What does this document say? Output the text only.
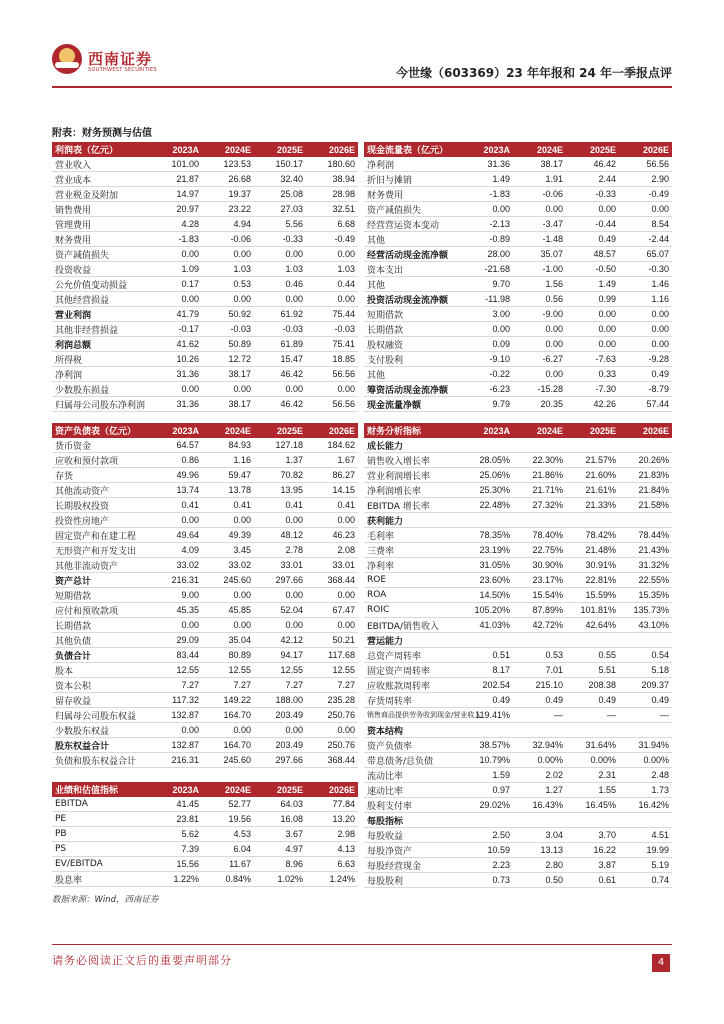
西南证券
SOUTHWEST SECURITIES	今世缘（603369）23 年年报和 24 年一季报点评
附表：财务预测与估值
利润表（亿元）	2023A	2024E	2025E	2026E
营业收入	101.00	123.53	150.17	180.60
营业成本	21.87	26.68	32.40	38.94
营业税金及附加	14.97	19.37	25.08	28.98
销售费用	20.97	23.22	27.03	32.51
管理费用	4.28	4.94	5.56	6.68
财务费用	-1.83	-0.06	-0.33	-0.49
资产减值损失	0.00	0.00	0.00	0.00
投资收益	1.09	1.03	1.03	1.03
公允价值变动损益	0.17	0.53	0.46	0.44
其他经营损益	0.00	0.00	0.00	0.00
营业利润	41.79	50.92	61.92	75.44
其他非经营损益	-0.17	-0.03	-0.03	-0.03
利润总额	41.62	50.89	61.89	75.41
所得税	10.26	12.72	15.47	18.85
净利润	31.36	38.17	46.42	56.56
少数股东损益	0.00	0.00	0.00	0.00
归属母公司股东净利润	31.36	38.17	46.42	56.56
现金流量表（亿元）	2023A	2024E	2025E	2026E
净利润	31.36	38.17	46.42	56.56
折旧与摊销	1.49	1.91	2.44	2.90
财务费用	-1.83	-0.06	-0.33	-0.49
资产减值损失	0.00	0.00	0.00	0.00
经营营运资本变动	-2.13	-3.47	-0.44	8.54
其他	-0.89	-1.48	0.49	-2.44
经营活动现金流净额	28.00	35.07	48.57	65.07
资本支出	-21.68	-1.00	-0.50	-0.30
其他	9.70	1.56	1.49	1.46
投资活动现金流净额	-11.98	0.56	0.99	1.16
短期借款	3.00	-9.00	0.00	0.00
长期借款	0.00	0.00	0.00	0.00
股权融资	0.09	0.00	0.00	0.00
支付股利	-9.10	-6.27	-7.63	-9.28
其他	-0.22	0.00	0.33	0.49
筹资活动现金流净额	-6.23	-15.28	-7.30	-8.79
现金流量净额	9.79	20.35	42.26	57.44
资产负债表（亿元）	2023A	2024E	2025E	2026E
货币资金	64.57	84.93	127.18	184.62
应收和预付款项	0.86	1.16	1.37	1.67
存货	49.96	59.47	70.82	86.27
其他流动资产	13.74	13.78	13.95	14.15
长期股权投资	0.41	0.41	0.41	0.41
投资性房地产	0.00	0.00	0.00	0.00
固定资产和在建工程	49.64	49.39	48.12	46.23
无形资产和开发支出	4.09	3.45	2.78	2.08
其他非流动资产	33.02	33.02	33.01	33.01
资产总计	216.31	245.60	297.66	368.44
短期借款	9.00	0.00	0.00	0.00
应付和预收款项	45.35	45.85	52.04	67.47
长期借款	0.00	0.00	0.00	0.00
其他负债	29.09	35.04	42.12	50.21
负债合计	83.44	80.89	94.17	117.68
股本	12.55	12.55	12.55	12.55
资本公积	7.27	7.27	7.27	7.27
留存收益	117.32	149.22	188.00	235.28
归属母公司股东权益	132.87	164.70	203.49	250.76
少数股东权益	0.00	0.00	0.00	0.00
股东权益合计	132.87	164.70	203.49	250.76
负债和股东权益合计	216.31	245.60	297.66	368.44
财务分析指标	2023A	2024E	2025E	2026E
成长能力				
销售收入增长率	28.05%	22.30%	21.57%	20.26%
营业利润增长率	25.06%	21.86%	21.60%	21.83%
净利润增长率	25.30%	21.71%	21.61%	21.84%
EBITDA 增长率	22.48%	27.32%	21.33%	21.58%
获利能力				
毛利率	78.35%	78.40%	78.42%	78.44%
三费率	23.19%	22.75%	21.48%	21.43%
净利率	31.05%	30.90%	30.91%	31.32%
ROE	23.60%	23.17%	22.81%	22.55%
ROA	14.50%	15.54%	15.59%	15.35%
ROIC	105.20%	87.89%	101.81%	135.73%
EBITDA/销售收入	41.03%	42.72%	42.64%	43.10%
营运能力				
总资产周转率	0.51	0.53	0.55	0.54
固定资产周转率	8.17	7.01	5.51	5.18
应收账款周转率	202.54	215.10	208.38	209.37
存货周转率	0.49	0.49	0.49	0.49
销售商品提供劳务收到现金/营业收入	119.41%	—	—	—
资本结构				
资产负债率	38.57%	32.94%	31.64%	31.94%
带息债务/总负债	10.79%	0.00%	0.00%	0.00%
流动比率	1.59	2.02	2.31	2.48
速动比率	0.97	1.27	1.55	1.73
股利支付率	29.02%	16.43%	16.45%	16.42%
每股指标				
每股收益	2.50	3.04	3.70	4.51
每股净资产	10.59	13.13	16.22	19.99
每股经营现金	2.23	2.80	3.87	5.19
每股股利	0.73	0.50	0.61	0.74
业绩和估值指标	2023A	2024E	2025E	2026E
EBITDA	41.45	52.77	64.03	77.84
PE	23.81	19.56	16.08	13.20
PB	5.62	4.53	3.67	2.98
PS	7.39	6.04	4.97	4.13
EV/EBITDA	15.56	11.67	8.96	6.63
股息率	1.22%	0.84%	1.02%	1.24%
数据来源：Wind，西南证券
请务必阅读正文后的重要声明部分	4
